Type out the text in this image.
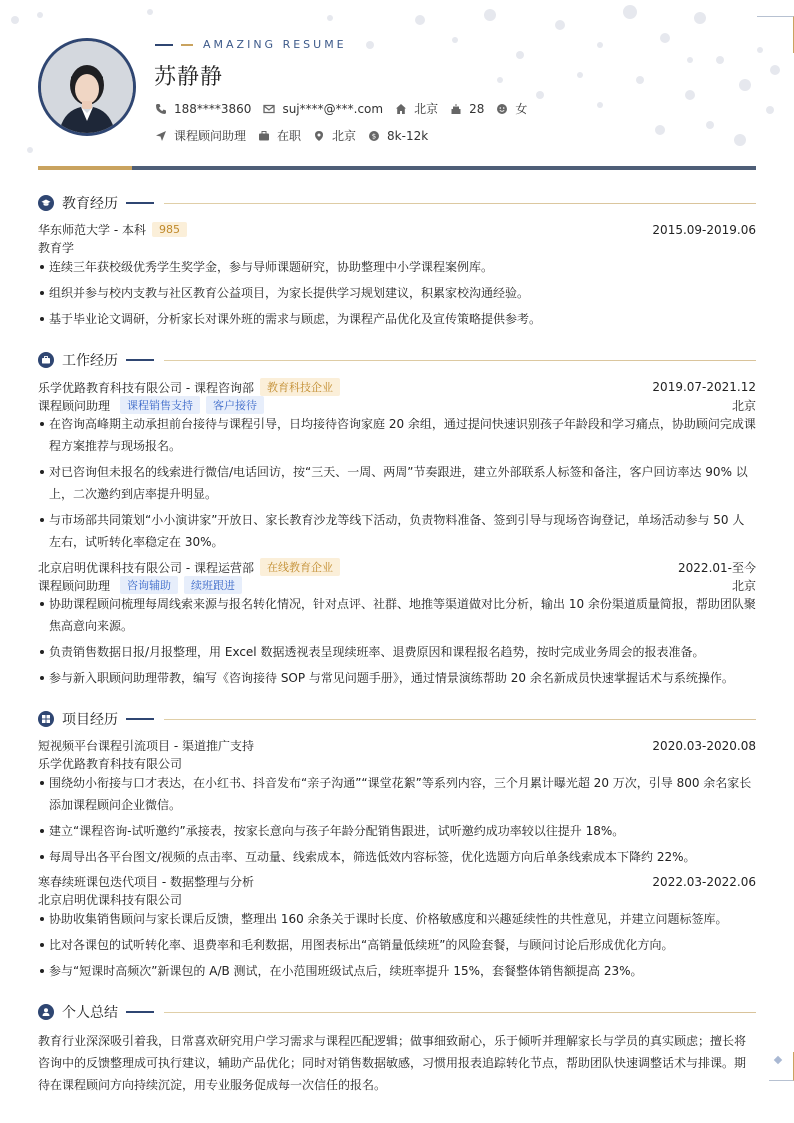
AMAZING RESUME
苏静静
188****3860	suj****@***.com	北京	28	女
课程顾问助理	在职	北京 $ 8k-12k
教育经历
华东师范大学 - 本科	985	2015.09-2019.06
教育学
连续三年获校级优秀学生奖学金，参与导师课题研究，协助整理中小学课程案例库。
组织并参与校内支教与社区教育公益项目，为家长提供学习规划建议，积累家校沟通经验。
基于毕业论文调研，分析家长对课外班的需求与顾虑，为课程产品优化及宣传策略提供参考。
工作经历
乐学优路教育科技有限公司 - 课程咨询部	教育科技企业	2019.07-2021.12
课程顾问助理	课程销售支持	客户接待	北京
在咨询高峰期主动承担前台接待与课程引导，日均接待咨询家庭 20 余组，通过提问快速识别孩子年龄段和学习痛点，协助顾问完成课程方案推荐与现场报名。
对已咨询但未报名的线索进行微信/电话回访，按“三天、一周、两周”节奏跟进，建立外部联系人标签和备注，客户回访率达 90% 以上，二次邀约到店率提升明显。
与市场部共同策划“小小演讲家”开放日、家长教育沙龙等线下活动，负责物料准备、签到引导与现场咨询登记，单场活动参与 50 人左右，试听转化率稳定在 30%。
北京启明优课科技有限公司 - 课程运营部	在线教育企业	2022.01-至今
课程顾问助理	咨询辅助	续班跟进	北京
协助课程顾问梳理每周线索来源与报名转化情况，针对点评、社群、地推等渠道做对比分析，输出 10 余份渠道质量简报，帮助团队聚焦高意向来源。
负责销售数据日报/月报整理，用 Excel 数据透视表呈现续班率、退费原因和课程报名趋势，按时完成业务周会的报表准备。
参与新入职顾问助理带教，编写《咨询接待 SOP 与常见问题手册》，通过情景演练帮助 20 余名新成员快速掌握话术与系统操作。
项目经历
短视频平台课程引流项目 - 渠道推广支持	2020.03-2020.08
乐学优路教育科技有限公司
围绕幼小衔接与口才表达，在小红书、抖音发布“亲子沟通”“课堂花絮”等系列内容，三个月累计曝光超 20 万次，引导 800 余名家长添加课程顾问企业微信。
建立“课程咨询-试听邀约”承接表，按家长意向与孩子年龄分配销售跟进，试听邀约成功率较以往提升 18%。
每周导出各平台图文/视频的点击率、互动量、线索成本，筛选低效内容标签，优化选题方向后单条线索成本下降约 22%。
寒春续班课包迭代项目 - 数据整理与分析	2022.03-2022.06
北京启明优课科技有限公司
协助收集销售顾问与家长课后反馈，整理出 160 余条关于课时长度、价格敏感度和兴趣延续性的共性意见，并建立问题标签库。
比对各课包的试听转化率、退费率和毛利数据，用图表标出“高销量低续班”的风险套餐，与顾问讨论后形成优化方向。
参与“短课时高频次”新课包的 A/B 测试，在小范围班级试点后，续班率提升 15%，套餐整体销售额提高 23%。
个人总结
教育行业深深吸引着我，日常喜欢研究用户学习需求与课程匹配逻辑；做事细致耐心，乐于倾听并理解家长与学员的真实顾虑；擅长将咨询中的反馈整理成可执行建议，辅助产品优化；同时对销售数据敏感，习惯用报表追踪转化节点，帮助团队快速调整话术与排课。期待在课程顾问方向持续沉淀，用专业服务促成每一次信任的报名。
